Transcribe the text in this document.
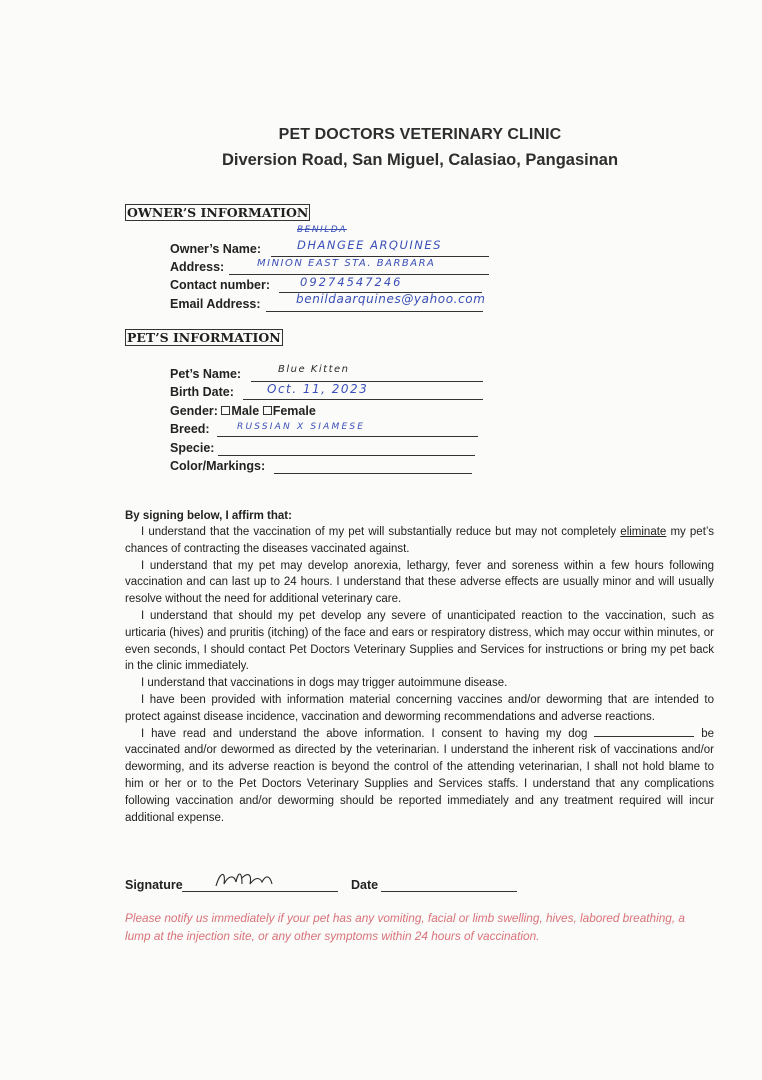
PET DOCTORS VETERINARY CLINIC
Diversion Road, San Miguel, Calasiao, Pangasinan
OWNER’S INFORMATION
Owner’s Name:
BENILDA
DHANGEE ARQUINES
Address:	MINION EAST STA. BARBARA
Contact number:	09274547246
Email Address:	benildaarquines@yahoo.com
PET’S INFORMATION
Pet’s Name:	Blue Kitten
Birth Date:	Oct. 11, 2023
Gender: Male Female
Breed:	RUSSIAN X SIAMESE
Specie:
Color/Markings:
By signing below, I affirm that:

I understand that the vaccination of my pet will substantially reduce but may not completely eliminate my pet’s chances of contracting the diseases vaccinated against.

I understand that my pet may develop anorexia, lethargy, fever and soreness within a few hours following vaccination and can last up to 24 hours. I understand that these adverse effects are usually minor and will usually resolve without the need for additional veterinary care.

I understand that should my pet develop any severe of unanticipated reaction to the vaccination, such as urticaria (hives) and pruritis (itching) of the face and ears or respiratory distress, which may occur within minutes, or even seconds, I should contact Pet Doctors Veterinary Supplies and Services for instructions or bring my pet back in the clinic immediately.

I understand that vaccinations in dogs may trigger autoimmune disease.

I have been provided with information material concerning vaccines and/or deworming that are intended to protect against disease incidence, vaccination and deworming recommendations and adverse reactions.

I have read and understand the above information. I consent to having my dog	be vaccinated and/or dewormed as directed by the veterinarian. I understand the inherent risk of vaccinations and/or deworming, and its adverse reaction is beyond the control of the attending veterinarian, I shall not hold blame to him or her or to the Pet Doctors Veterinary Supplies and Services staffs. I understand that any complications following vaccination and/or deworming should be reported immediately and any treatment required will incur additional expense.

Signature	Date
Please notify us immediately if your pet has any vomiting, facial or limb swelling, hives, labored breathing, a lump at the injection site, or any other symptoms within 24 hours of vaccination.
